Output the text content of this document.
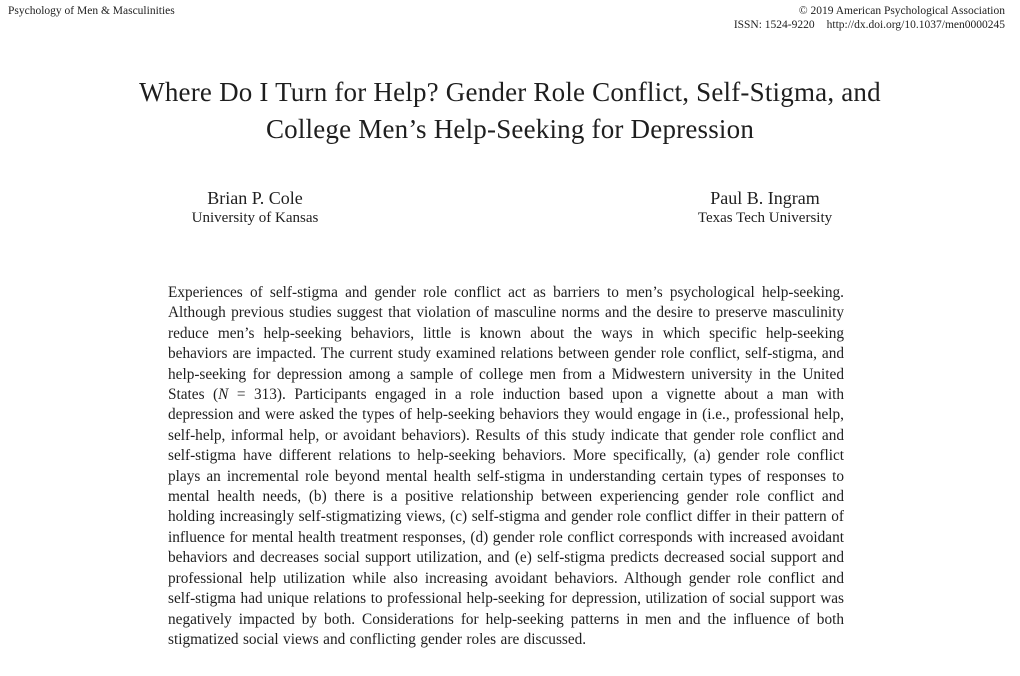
Psychology of Men & Masculinities	© 2019 American Psychological Association
ISSN: 1524-9220 http://dx.doi.org/10.1037/men0000245
Where Do I Turn for Help? Gender Role Conflict, Self-Stigma, and
College Men’s Help-Seeking for Depression
Brian P. Cole
University of Kansas
Paul B. Ingram
Texas Tech University
Experiences of self-stigma and gender role conflict act as barriers to men’s psychological help-seeking. Although previous studies suggest that violation of masculine norms and the desire to preserve masculinity reduce men’s help-seeking behaviors, little is known about the ways in which specific help-seeking behaviors are impacted. The current study examined relations between gender role conflict, self-stigma, and help-seeking for depression among a sample of college men from a Midwestern university in the United States (N = 313). Participants engaged in a role induction based upon a vignette about a man with depression and were asked the types of help-seeking behaviors they would engage in (i.e., professional help, self-help, informal help, or avoidant behaviors). Results of this study indicate that gender role conflict and self-stigma have different relations to help-seeking behaviors. More specifically, (a) gender role conflict plays an incremental role beyond mental health self-stigma in understanding certain types of responses to mental health needs, (b) there is a positive relationship between experiencing gender role conflict and holding increasingly self-stigmatizing views, (c) self-stigma and gender role conflict differ in their pattern of influence for mental health treatment responses, (d) gender role conflict corresponds with increased avoidant behaviors and decreases social support utilization, and (e) self-stigma predicts decreased social support and professional help utilization while also increasing avoidant behaviors. Although gender role conflict and self-stigma had unique relations to professional help-seeking for depression, utilization of social support was negatively impacted by both. Considerations for help-seeking patterns in men and the influence of both stigmatized social views and conflicting gender roles are discussed.
